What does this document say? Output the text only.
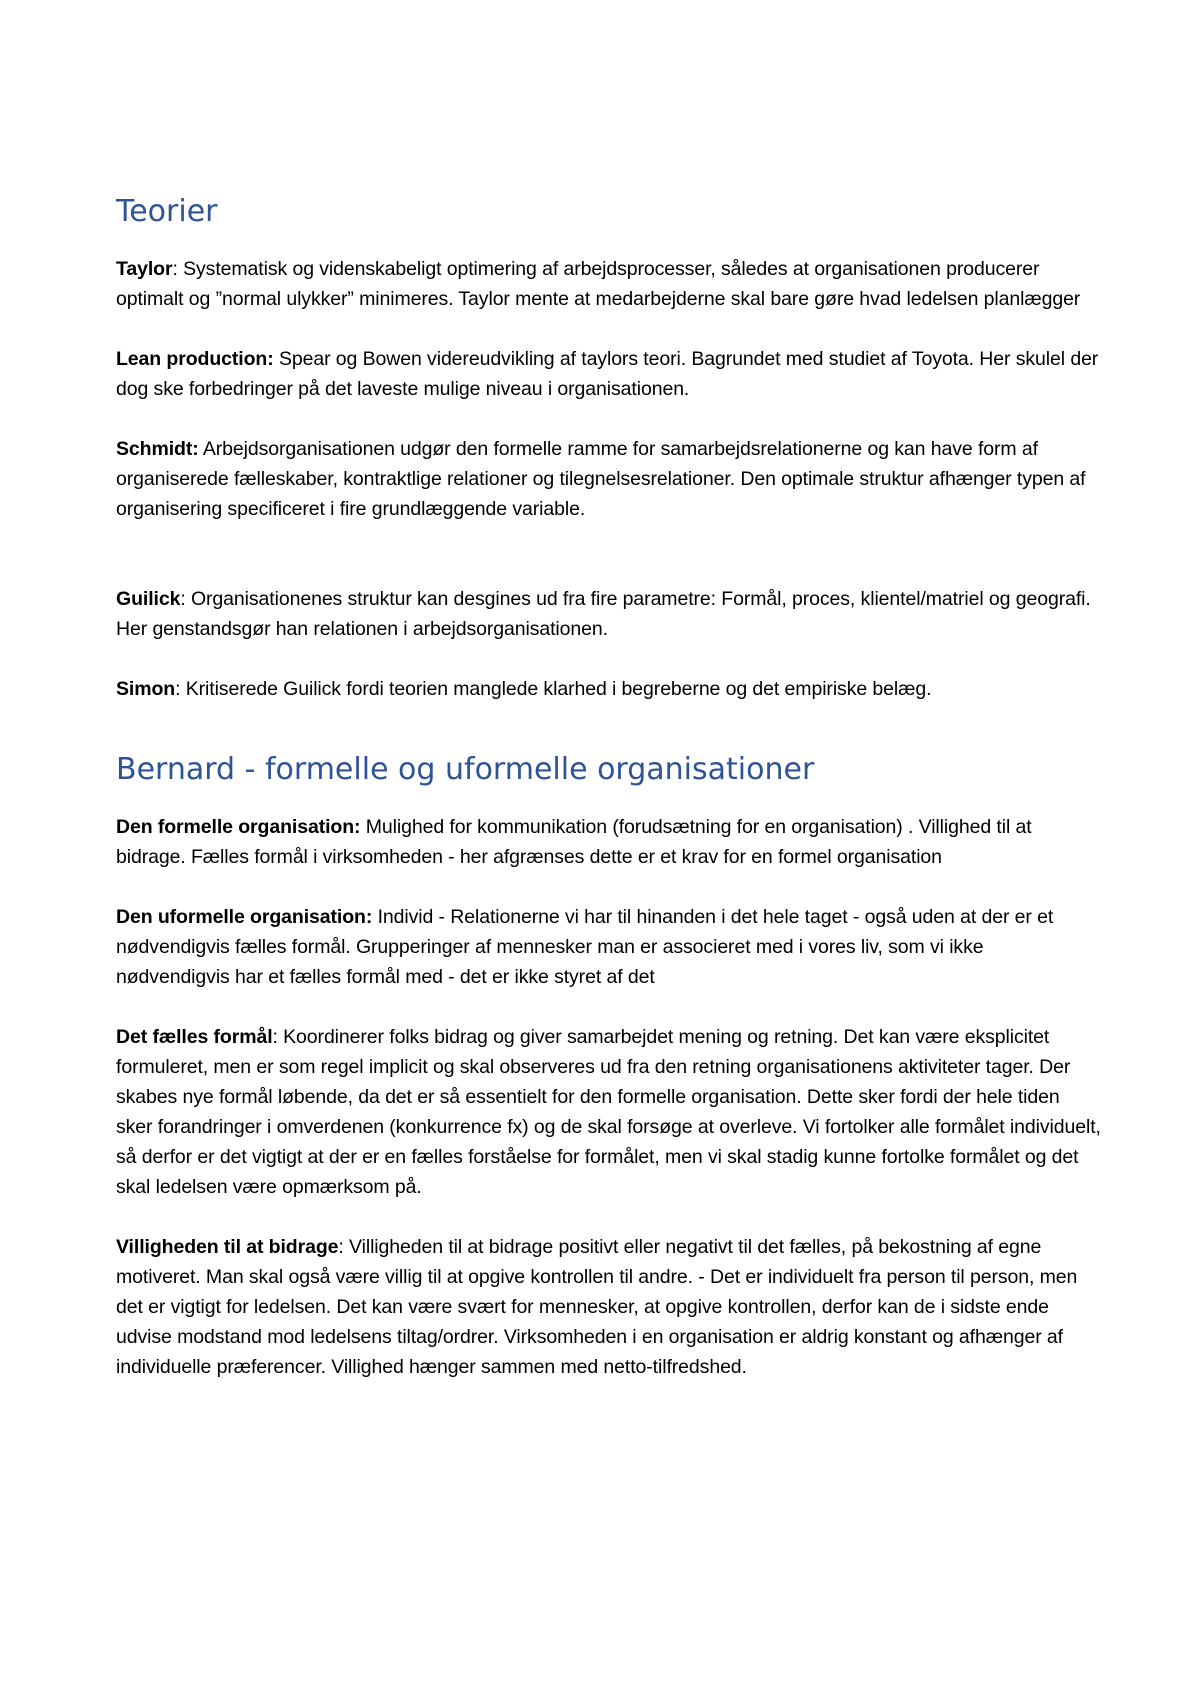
Teorier

Taylor: Systematisk og videnskabeligt optimering af arbejdsprocesser, således at organisationen producerer optimalt og ”normal ulykker” minimeres. Taylor mente at medarbejderne skal bare gøre hvad ledelsen planlægger

Lean production: Spear og Bowen videreudvikling af taylors teori. Bagrundet med studiet af Toyota. Her skulel der dog ske forbedringer på det laveste mulige niveau i organisationen.

Schmidt: Arbejdsorganisationen udgør den formelle ramme for samarbejdsrelationerne og kan have form af organiserede fælleskaber, kontraktlige relationer og tilegnelsesrelationer. Den optimale struktur afhænger typen af organisering specificeret i fire grundlæggende variable.

Guilick: Organisationenes struktur kan desgines ud fra fire parametre: Formål, proces, klientel/matriel og geografi. Her genstandsgør han relationen i arbejdsorganisationen.

Simon: Kritiserede Guilick fordi teorien manglede klarhed i begreberne og det empiriske belæg.

Bernard - formelle og uformelle organisationer

Den formelle organisation: Mulighed for kommunikation (forudsætning for en organisation) . Villighed til at bidrage. Fælles formål i virksomheden - her afgrænses dette er et krav for en formel organisation

Den uformelle organisation: Individ - Relationerne vi har til hinanden i det hele taget - også uden at der er et nødvendigvis fælles formål. Grupperinger af mennesker man er associeret med i vores liv, som vi ikke nødvendigvis har et fælles formål med - det er ikke styret af det

Det fælles formål: Koordinerer folks bidrag og giver samarbejdet mening og retning. Det kan være eksplicitet formuleret, men er som regel implicit og skal observeres ud fra den retning organisationens aktiviteter tager. Der skabes nye formål løbende, da det er så essentielt for den formelle organisation. Dette sker fordi der hele tiden sker forandringer i omverdenen (konkurrence fx) og de skal forsøge at overleve. Vi fortolker alle formålet individuelt, så derfor er det vigtigt at der er en fælles forståelse for formålet, men vi skal stadig kunne fortolke formålet og det skal ledelsen være opmærksom på.

Villigheden til at bidrage: Villigheden til at bidrage positivt eller negativt til det fælles, på bekostning af egne motiveret. Man skal også være villig til at opgive kontrollen til andre. - Det er individuelt fra person til person, men det er vigtigt for ledelsen. Det kan være svært for mennesker, at opgive kontrollen, derfor kan de i sidste ende udvise modstand mod ledelsens tiltag/ordrer. Virksomheden i en organisation er aldrig konstant og afhænger af individuelle præferencer. Villighed hænger sammen med netto-tilfredshed.
